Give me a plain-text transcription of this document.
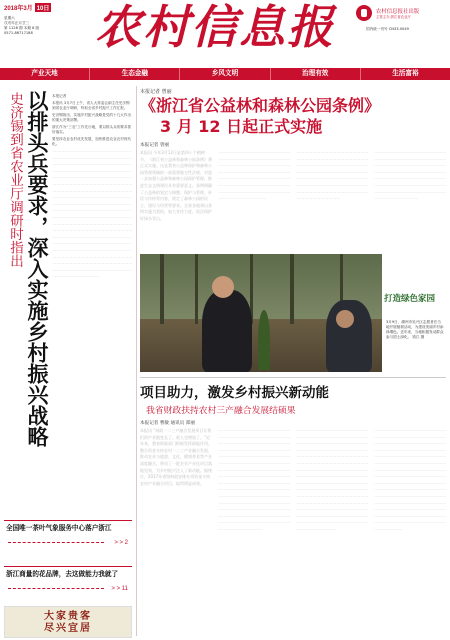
2018年3月 10日
星期六
戊戌年正月廿三
第 1128 期 本期 8 版
0571-86717188	农村信息报	农村信息报社出版
主管主办 浙江省农业厅
国内统一刊号 CN33-0049
产业天地	生态金融	乡风文明	治理有效	生活富裕
史济锡到省农业厅调研时指出 以排头兵要求，深入实施乡村振兴战略 本报记者
本报讯 3月7日上午，省人大常委会副主任史济锡到省农业厅调研，听取全省乡村振兴工作汇报。
史济锡指出，实施乡村振兴战略是党的十九大作出的重大决策部署。
浙江作为“三农”工作先行地，要以排头兵的要求抓好落实。
要坚持农业农村优先发展，加快推进农业农村现代化。
一一一一一一一一一一一一一一一一一一一一一一一一一一一一一一一一一一一一一一一一一一一一一一一一一一一一一一一一一一一一一一一一一一一一一一一一一一一一一一一一一一一一一一一一一一一一一一一一一一一一一一一一一一一一一一一一一一一一一一一一一一一一一一一一一一一一一一一一一一一一一一一一一一一一一一一一一一一一一一一一一一一一一一一一一一一一一一一一一一一一一一一一一一一一一一一一一一一一一一一一一一一一一一一一一一一一一一一一一一一一一一一一一一一一一一一一一一一一一一一一一一一一一一一一一一一一一一一一一一一一一一一一一一一一一一一一一一一一一一一一一一一一一一一一一一一一一一一一一一一一一一一一一一一一一一一一一一一一一一一一一一一一一一一一一一一一一一一一一一一一一一一一一一一一一一一一一一一一一一一一一一一一一一一一一一一一一一一一一一一一一一一一一一一一一一一一
全国唯一茶叶气象服务中心落户浙江
> > 2
浙江商量的花品牌，去这做能力我就了
> > 11
大家贵客
尽兴宜居
本报记者 曾丽
《浙江省公益林和森林公园条例》
3 月 12 日起正式实施
本报记者 曾丽
本报讯 今年3月12日是第四十个植树节，《浙江省公益林和森林公园条例》将正式实施。这是我省公益林保护和森林公园管理领域的一部重要地方性法规，对进一步加强公益林和森林公园保护管理，推进生态文明建设具有重要意义。条例明确了公益林的划定与调整、保护与管理、补偿与扶持等内容，规定了森林公园的设立、建设与经营等要求。全省各地将以条例实施为契机，加大宣传力度，依法保护好绿水青山。
一一一一一一一一一一一一一一一一一一一一一一一一一一一一一一一一一一一一一一一一一一一一一一一一一一一一一一一一一一一一一一一一一一一一一一一一一一一一一一一一一一一一一一一一一一一一一一一一一一一一一一一一一一一一一一一一一一一一一一一一一一一一一一一一一一一一一一一一一一
一一一一一一一一一一一一一一一一一一一一一一一一一一一一一一一一一一一一一一一一一一一一一一一一一一一一一一一一一一一一一一一一一一一一一一一一一一一一一一一一一一一一一一一一一一一一一一一一一一一一一一一一一一一一一一一一一一一一一一一一一一一一一一一一一一一一一一一一一
一一一一一一一一一一一一一一一一一一一一一一一一一一一一一一一一一一一一一一一一一一一一一一一一一一一一一一一一一一一一一一一一一一一一一一一一一一一一一一一一一一一一一一一一一一一一一一一一一一一一一一一一一一一一一一一一一一一一一一一一一一一一一一一一一一一一一一一一一
打造绿色家园
3月9日，湖州市吴兴区志愿者在当地开展植树活动，为建设美丽乡村添绿增色。近年来，当地积极发动群众参与国土绿化。 钱江 摄
项目助力，激发乡村振兴新动能
我省财政扶持农村三产融合发展结硕果
本报记者 曹敏 通讯员 郑丽
本报讯 “财政一二三产融合发展项目让我们的产业链变长了，收入也增加了。”近年来，我省财政部门积极发挥职能作用，整合资金支持农村一二三产业融合发展，推动农业与旅游、文化、健康养老等产业深度融合，带动了一批农业产业化项目落地见效，为乡村振兴注入了新动能。据统计，2017年省级财政安排专项资金支持农村产业融合项目，取得明显成效。
一一一一一一一一一一一一一一一一一一一一一一一一一一一一一一一一一一一一一一一一一一一一一一一一一一一一一一一一一一一一一一一一一一一一一一一一一一一一一一一一一一一一一一一一一一一一一一一一一一一一一一一一一一一一一一一一一一一一一一一一一一一一一一一一一一一一一一一一一一一一一一一一一一一一一一一一一一一一一一一一一一一一一一一一一一一一一一一一一一一一一一一一一一一一一一一一一一一一一一一一一一一一一一一一一一一一一一一一一一一一一一一一一一一一一一一一一一一一一一一一一一一一一一一一一一一一一一一一一一一一一一一一一一一一一一一一一一一一一一一一一
一一一一一一一一一一一一一一一一一一一一一一一一一一一一一一一一一一一一一一一一一一一一一一一一一一一一一一一一一一一一一一一一一一一一一一一一一一一一一一一一一一一一一一一一一一一一一一一一一一一一一一一一一一一一一一一一一一一一一一一一一一一一一一一一一一一一一一一一一一一一一一一一一一一一一一一一一一一一一一一一一一一一一一一一一一一一一一一一一一一一一一一一一一一一一一一一一一一一一一一一一一一一一一一一一一一一一一一一一一一一一一一一一一一一一一一一一一一一一一一一一一一一一一一一一一一一一一一一一一一一一一一一一一一一一一一一一一一一一一一一
一一一一一一一一一一一一一一一一一一一一一一一一一一一一一一一一一一一一一一一一一一一一一一一一一一一一一一一一一一一一一一一一一一一一一一一一一一一一一一一一一一一一一一一一一一一一一一一一一一一一一一一一一一一一一一一一一一一一一一一一一一一一一一一一一一一一一一一一一一一一一一一一一一一一一一一一一一一一一一一一一一一一一一一一一一一一一一一一一一一一一一一一一一一一一一一一一一一一一一一一一一一一一一一一一一一一一一一一一一一一一一一一一一一一一一一一一一一一一一一一一一一一一一一一一一一一一一一一一一一一一一一一一一一一一一一一一一一一一
